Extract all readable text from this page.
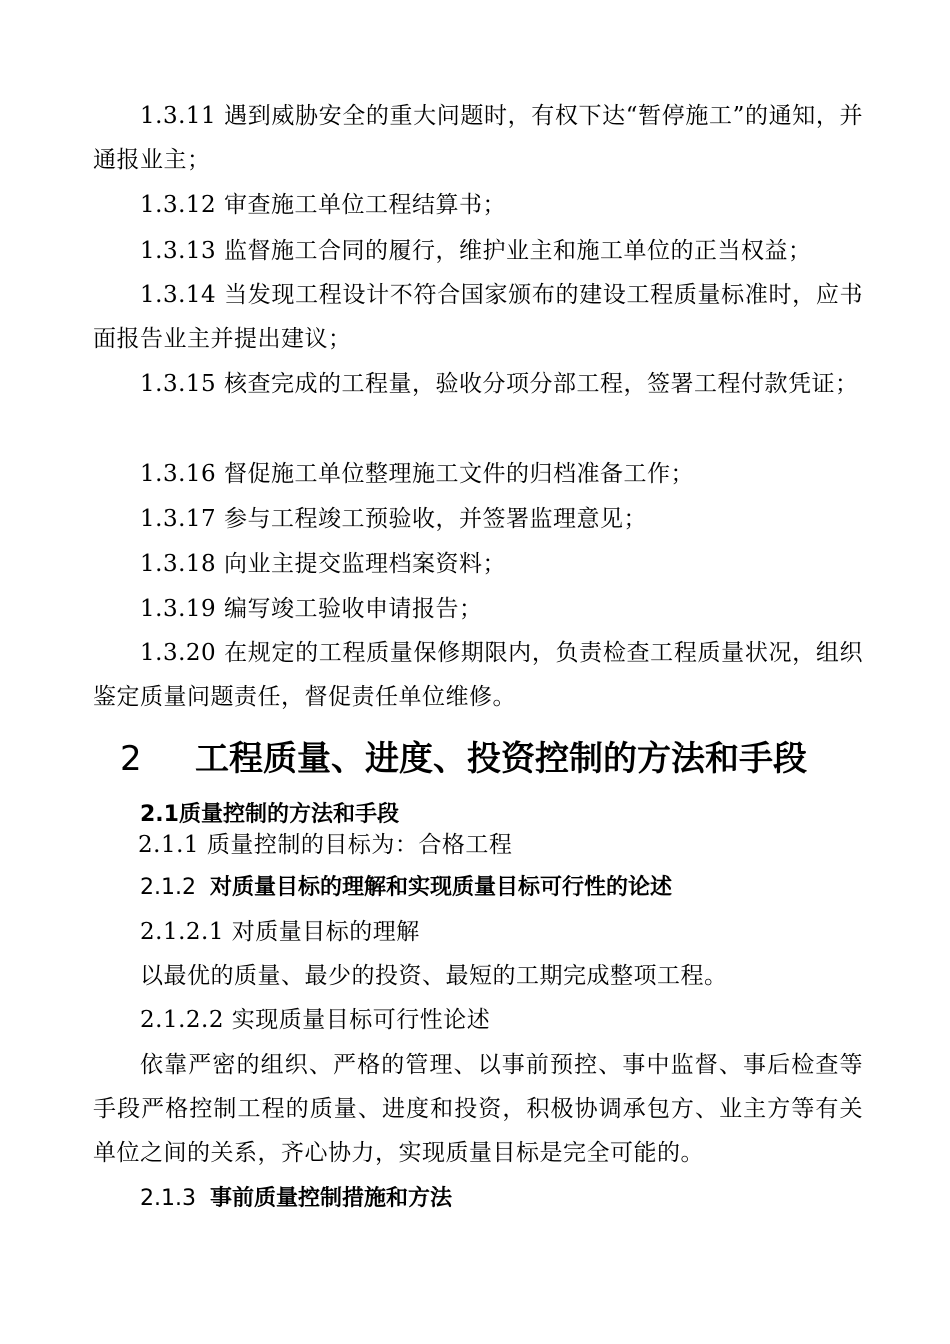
1.3.11 遇到威胁安全的重大问题时，有权下达“暂停施工”的通知，并通报业主；

1.3.12 审查施工单位工程结算书；

1.3.13 监督施工合同的履行，维护业主和施工单位的正当权益；

1.3.14 当发现工程设计不符合国家颁布的建设工程质量标准时，应书面报告业主并提出建议；

1.3.15 核查完成的工程量，验收分项分部工程，签署工程付款凭证；

1.3.16 督促施工单位整理施工文件的归档准备工作；

1.3.17 参与工程竣工预验收，并签署监理意见；

1.3.18 向业主提交监理档案资料；

1.3.19 编写竣工验收申请报告；

1.3.20 在规定的工程质量保修期限内，负责检查工程质量状况，组织鉴定质量问题责任，督促责任单位维修。

2 工程质量、进度、投资控制的方法和手段
2.1质量控制的方法和手段

2.1.1 质量控制的目标为：合格工程

2.1.2 对质量目标的理解和实现质量目标可行性的论述

2.1.2.1 对质量目标的理解

以最优的质量、最少的投资、最短的工期完成整项工程。

2.1.2.2 实现质量目标可行性论述

依靠严密的组织、严格的管理、以事前预控、事中监督、事后检查等手段严格控制工程的质量、进度和投资，积极协调承包方、业主方等有关单位之间的关系，齐心协力，实现质量目标是完全可能的。

2.1.3 事前质量控制措施和方法
